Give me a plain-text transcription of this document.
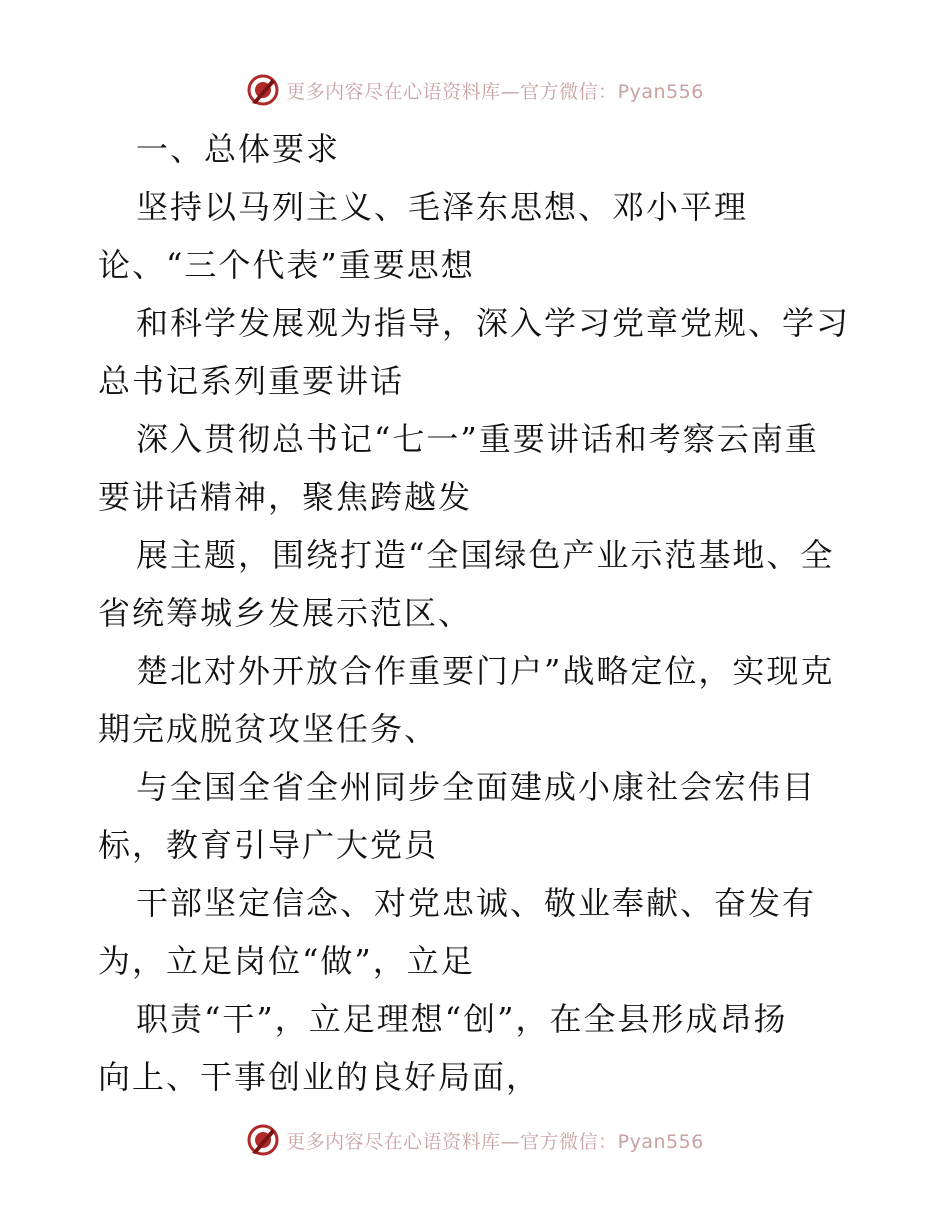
更多内容尽在心语资料库—官方微信：Pyan556
一、总体要求
坚持以马列主义、毛泽东思想、邓小平理
论、“三个代表”重要思想
和科学发展观为指导，深入学习党章党规、学习
总书记系列重要讲话
深入贯彻总书记“七一”重要讲话和考察云南重
要讲话精神，聚焦跨越发
展主题，围绕打造“全国绿色产业示范基地、全
省统筹城乡发展示范区、
楚北对外开放合作重要门户”战略定位，实现克
期完成脱贫攻坚任务、
与全国全省全州同步全面建成小康社会宏伟目
标，教育引导广大党员
干部坚定信念、对党忠诚、敬业奉献、奋发有
为，立足岗位“做”，立足
职责“干”，立足理想“创”，在全县形成昂扬
向上、干事创业的良好局面，
更多内容尽在心语资料库—官方微信：Pyan556
